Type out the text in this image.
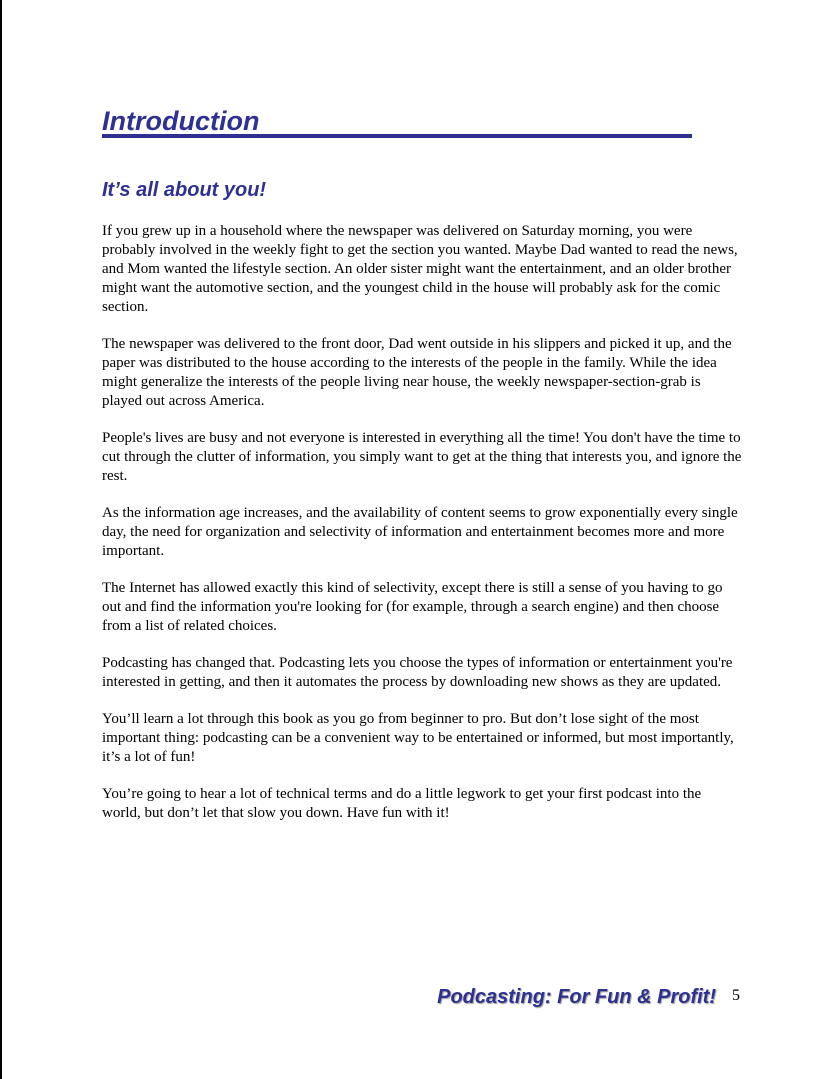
Introduction
It’s all about you!

If you grew up in a household where the newspaper was delivered on Saturday morning, you were probably involved in the weekly fight to get the section you wanted. Maybe Dad wanted to read the news, and Mom wanted the lifestyle section. An older sister might want the entertainment, and an older brother might want the automotive section, and the youngest child in the house will probably ask for the comic section.

The newspaper was delivered to the front door, Dad went outside in his slippers and picked it up, and the paper was distributed to the house according to the interests of the people in the family. While the idea might generalize the interests of the people living near house, the weekly newspaper-section-grab is played out across America.

People's lives are busy and not everyone is interested in everything all the time! You don't have the time to cut through the clutter of information, you simply want to get at the thing that interests you, and ignore the rest.

As the information age increases, and the availability of content seems to grow exponentially every single day, the need for organization and selectivity of information and entertainment becomes more and more important.

The Internet has allowed exactly this kind of selectivity, except there is still a sense of you having to go out and find the information you're looking for (for example, through a search engine) and then choose from a list of related choices.

Podcasting has changed that. Podcasting lets you choose the types of information or entertainment you're interested in getting, and then it automates the process by downloading new shows as they are updated.

You’ll learn a lot through this book as you go from beginner to pro. But don’t lose sight of the most important thing: podcasting can be a convenient way to be entertained or informed, but most importantly, it’s a lot of fun!

You’re going to hear a lot of technical terms and do a little legwork to get your first podcast into the world, but don’t let that slow you down. Have fun with it!

Podcasting: For Fun & Profit! 5
